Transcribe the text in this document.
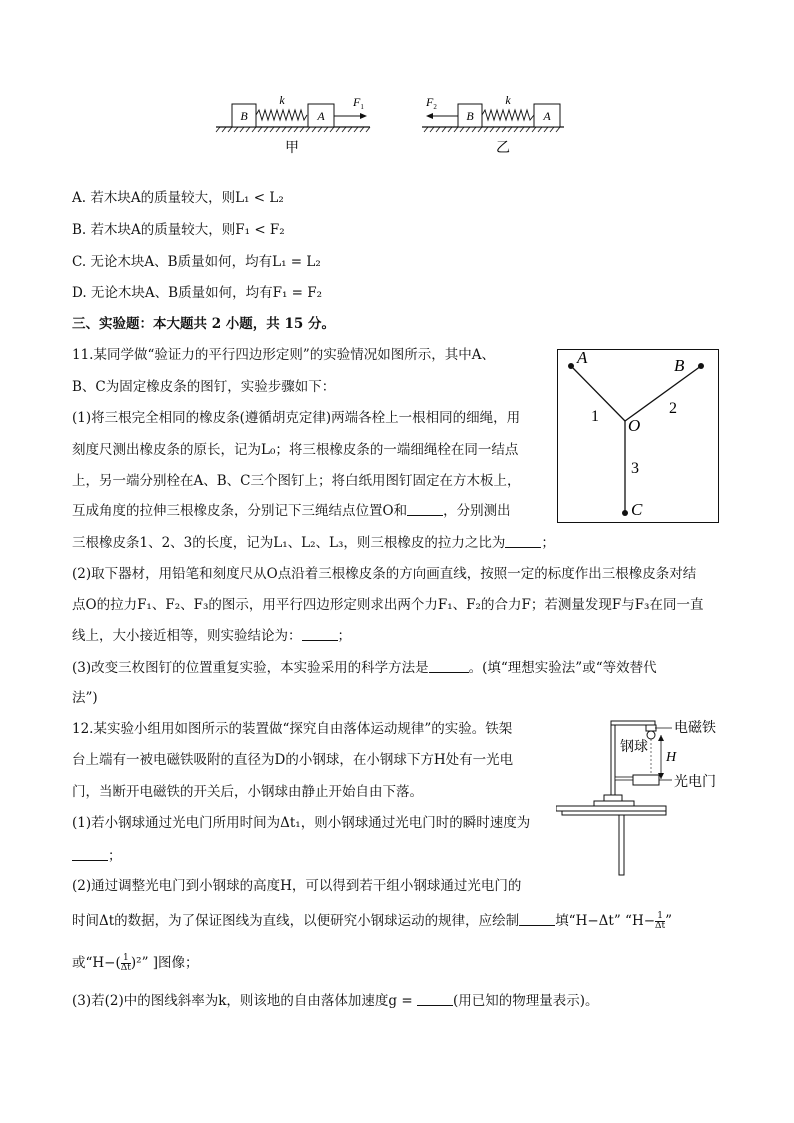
B
k
A
$F_1$
甲
$F_2$
B
k
A
乙
A. 若木块A的质量较大，则L₁ < L₂
B. 若木块A的质量较大，则F₁ < F₂
C. 无论木块A、B质量如何，均有L₁ = L₂
D. 无论木块A、B质量如何，均有F₁ = F₂
三、实验题：本大题共 2 小题，共 15 分。
11.某同学做“验证力的平行四边形定则”的实验情况如图所示，其中A、
B、C为固定橡皮条的图钉，实验步骤如下：
(1)将三根完全相同的橡皮条(遵循胡克定律)两端各栓上一根相同的细绳，用
刻度尺测出橡皮条的原长，记为L₀；将三根橡皮条的一端细绳栓在同一结点
上，另一端分别栓在A、B、C三个图钉上；将白纸用图钉固定在方木板上，
互成角度的拉伸三根橡皮条，分别记下三绳结点位置O和	，分别测出
三根橡皮条1、2、3的长度，记为L₁、L₂、L₃，则三根橡皮的拉力之比为	；
(2)取下器材，用铅笔和刻度尺从O点沿着三根橡皮条的方向画直线，按照一定的标度作出三根橡皮条对结
点O的拉力F₁、F₂、F₃的图示，用平行四边形定则求出两个力F₁、F₂的合力F；若测量发现F与F₃在同一直
线上，大小接近相等，则实验结论为：	；
(3)改变三枚图钉的位置重复实验，本实验采用的科学方法是	。(填“理想实验法”或“等效替代
法”)
A	B
O
C
1	2
3
12.某实验小组用如图所示的装置做“探究自由落体运动规律”的实验。铁架
台上端有一被电磁铁吸附的直径为D的小钢球，在小钢球下方H处有一光电
门，当断开电磁铁的开关后，小钢球由静止开始自由下落。
(1)若小钢球通过光电门所用时间为Δt₁，则小钢球通过光电门时的瞬时速度为
；
(2)通过调整光电门到小钢球的高度H，可以得到若干组小钢球通过光电门的
时间Δt的数据，为了保证图线为直线，以便研究小钢球运动的规律，应绘制	填“H−Δt” “$H- \frac{1}{\Delta t}$ ”
或“$H-( \frac{1}{\Delta t} )^2$” ]图像；
(3)若(2)中的图线斜率为k，则该地的自由落体加速度g =	(用已知的物理量表示)。
电磁铁
钢球
H
光电门
